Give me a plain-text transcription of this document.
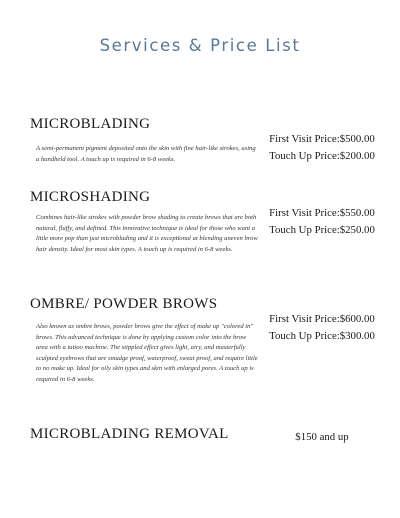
Services & Price List
MICROBLADING
A semi-permanent pigment deposited onto the skin with fine hair-like strokes, using a handheld tool. A touch up is required in 6-8 weeks.
First Visit Price:$500.00
Touch Up Price:$200.00
MICROSHADING
Combines hair-like strokes with powder brow shading to create brows that are both natural, fluffy, and defined. This innovative technique is ideal for those who want a little more pop than just microblading and it is exceptional at blending uneven brow hair density. Ideal for most skin types. A touch up is required in 6-8 weeks.
First Visit Price:$550.00
Touch Up Price:$250.00
OMBRE/ POWDER BROWS
Also known as ombre brows, powder brows give the effect of make up "colored in" brows. This advanced technique is done by applying custom color into the brow area with a tattoo machine. The stippled effect gives light, airy, and masterfully sculpted eyebrows that are smudge proof, waterproof, sweat proof, and require little to no make up. Ideal for oily skin types and skin with enlarged pores. A touch up is required in 6-8 weeks.
First Visit Price:$600.00
Touch Up Price:$300.00
MICROBLADING REMOVAL	$150 and up
